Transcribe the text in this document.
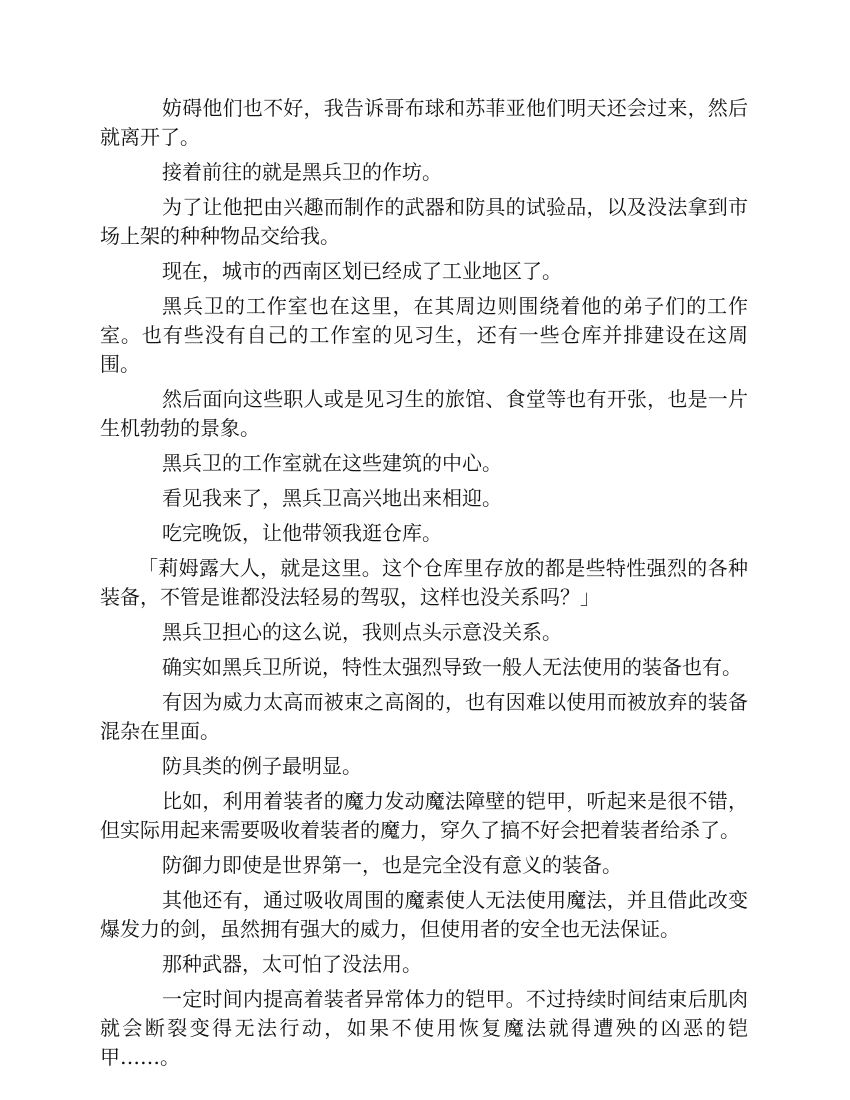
妨碍他们也不好，我告诉哥布球和苏菲亚他们明天还会过来，然后就离开了。

接着前往的就是黑兵卫的作坊。

为了让他把由兴趣而制作的武器和防具的试验品，以及没法拿到市场上架的种种物品交给我。

现在，城市的西南区划已经成了工业地区了。

黑兵卫的工作室也在这里，在其周边则围绕着他的弟子们的工作室。也有些没有自己的工作室的见习生，还有一些仓库并排建设在这周围。

然后面向这些职人或是见习生的旅馆、食堂等也有开张，也是一片生机勃勃的景象。

黑兵卫的工作室就在这些建筑的中心。

看见我来了，黑兵卫高兴地出来相迎。

吃完晚饭，让他带领我逛仓库。

「莉姆露大人，就是这里。这个仓库里存放的都是些特性强烈的各种装备，不管是谁都没法轻易的驾驭，这样也没关系吗？」

黑兵卫担心的这么说，我则点头示意没关系。

确实如黑兵卫所说，特性太强烈导致一般人无法使用的装备也有。

有因为威力太高而被束之高阁的，也有因难以使用而被放弃的装备混杂在里面。

防具类的例子最明显。

比如，利用着装者的魔力发动魔法障壁的铠甲，听起来是很不错，但实际用起来需要吸收着装者的魔力，穿久了搞不好会把着装者给杀了。

防御力即使是世界第一，也是完全没有意义的装备。

其他还有，通过吸收周围的魔素使人无法使用魔法，并且借此改变爆发力的剑，虽然拥有强大的威力，但使用者的安全也无法保证。

那种武器，太可怕了没法用。

一定时间内提高着装者异常体力的铠甲。不过持续时间结束后肌肉就会断裂变得无法行动，如果不使用恢复魔法就得遭殃的凶恶的铠甲……。
